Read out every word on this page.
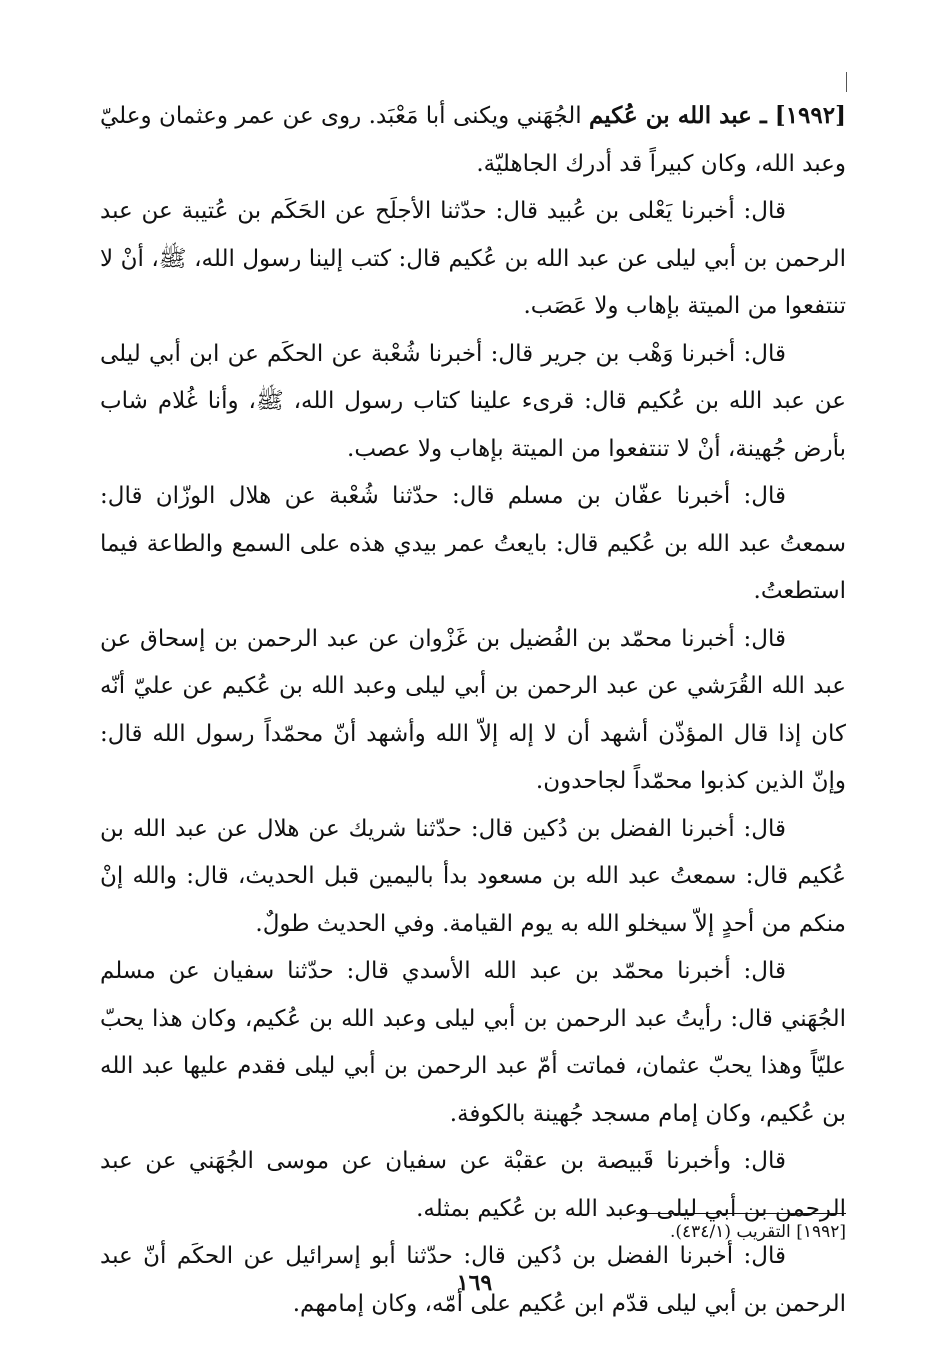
[١٩٩٢] ـ عبد الله بن عُكيم الجُهَني ويكنى أبا مَعْبَد. روى عن عمر وعثمان وعليّ وعبد الله، وكان كبيراً قد أدرك الجاهليّة.

قال: أخبرنا يَعْلى بن عُبيد قال: حدّثنا الأجلَح عن الحَكَم بن عُتيبة عن عبد الرحمن بن أبي ليلى عن عبد الله بن عُكيم قال: كتب إلينا رسول الله، ﷺ، أنْ لا تنتفعوا من الميتة بإهاب ولا عَصَب.

قال: أخبرنا وَهْب بن جرير قال: أخبرنا شُعْبة عن الحكَم عن ابن أبي ليلى عن عبد الله بن عُكيم قال: قرىء علينا كتاب رسول الله، ﷺ، وأنا غُلام شاب بأرض جُهينة، أنْ لا تنتفعوا من الميتة بإهاب ولا عصب.

قال: أخبرنا عفّان بن مسلم قال: حدّثنا شُعْبة عن هلال الوزّان قال: سمعتُ عبد الله بن عُكيم قال: بايعتُ عمر بيدي هذه على السمع والطاعة فيما استطعتُ.

قال: أخبرنا محمّد بن الفُضيل بن غَزْوان عن عبد الرحمن بن إسحاق عن عبد الله القُرَشي عن عبد الرحمن بن أبي ليلى وعبد الله بن عُكيم عن عليّ أنّه كان إذا قال المؤذّن أشهد أن لا إله إلاّ الله وأشهد أنّ محمّداً رسول الله قال: وإنّ الذين كذبوا محمّداً لجاحدون.

قال: أخبرنا الفضل بن دُكين قال: حدّثنا شريك عن هلال عن عبد الله بن عُكيم قال: سمعتُ عبد الله بن مسعود بدأ باليمين قبل الحديث، قال: والله إنْ منكم من أحدٍ إلاّ سيخلو الله به يوم القيامة. وفي الحديث طولٌ.

قال: أخبرنا محمّد بن عبد الله الأسدي قال: حدّثنا سفيان عن مسلم الجُهَني قال: رأيتُ عبد الرحمن بن أبي ليلى وعبد الله بن عُكيم، وكان هذا يحبّ عليّاً وهذا يحبّ عثمان، فماتت أمّ عبد الرحمن بن أبي ليلى فقدم عليها عبد الله بن عُكيم، وكان إمام مسجد جُهينة بالكوفة.

قال: وأخبرنا قَبيصة بن عقبْة عن سفيان عن موسى الجُهَني عن عبد الرحمن بن أبي ليلى وعبد الله بن عُكيم بمثله.

قال: أخبرنا الفضل بن دُكين قال: حدّثنا أبو إسرائيل عن الحكَم أنّ عبد الرحمن بن أبي ليلى قدّم ابن عُكيم على أمّه، وكان إمامهم.

[١٩٩٢] التقريب (٤٣٤/١).
١٦٩
